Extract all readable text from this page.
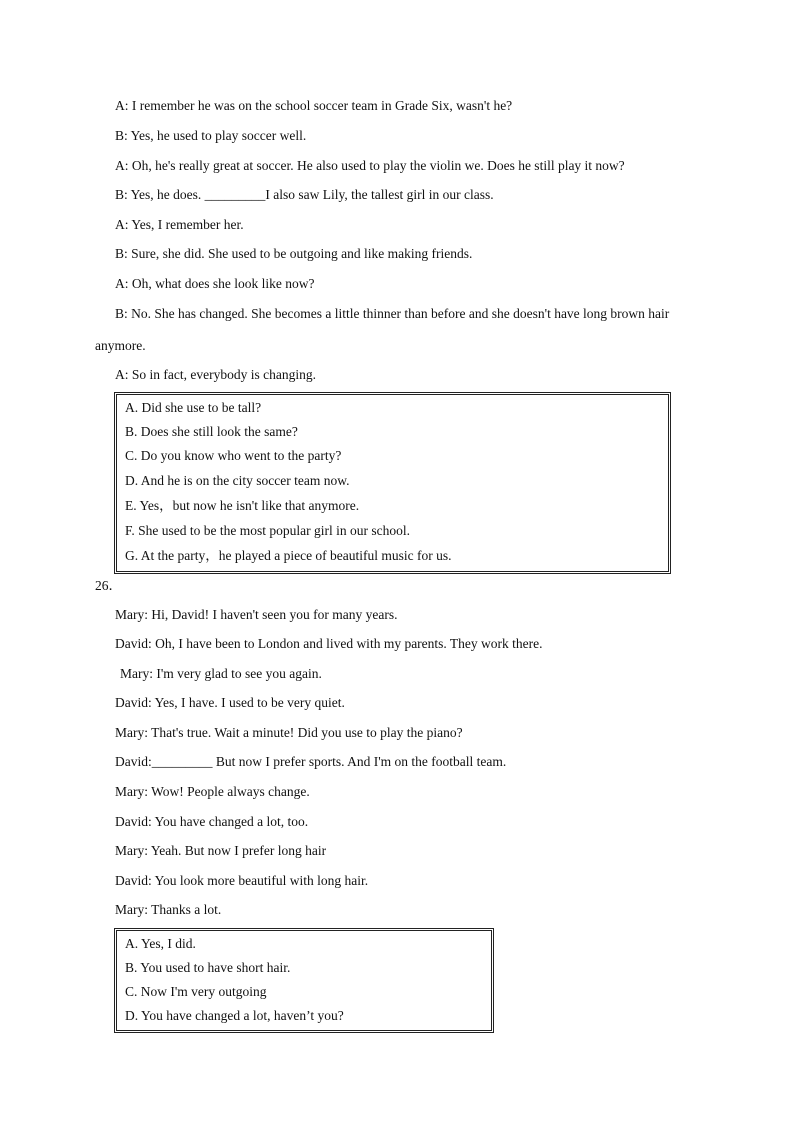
A: I remember he was on the school soccer team in Grade Six, wasn't he?
B: Yes, he used to play soccer well.
A: Oh, he's really great at soccer. He also used to play the violin we. Does he still play it now?
B: Yes, he does. _________I also saw Lily, the tallest girl in our class.
A: Yes, I remember her.
B: Sure, she did. She used to be outgoing and like making friends.
A: Oh, what does she look like now?
B: No. She has changed. She becomes a little thinner than before and she doesn't have long brown hair
anymore.
A: So in fact, everybody is changing.
A. Did she use to be tall?
B. Does she still look the same?
C. Do you know who went to the party?
D. And he is on the city soccer team now.
E. Yes，but now he isn't like that anymore.
F. She used to be the most popular girl in our school.
G. At the party，he played a piece of beautiful music for us.
26．
Mary: Hi, David! I haven't seen you for many years.
David: Oh, I have been to London and lived with my parents. They work there.
Mary: I'm very glad to see you again.
David: Yes, I have. I used to be very quiet.
Mary: That's true. Wait a minute! Did you use to play the piano?
David:_________ But now I prefer sports. And I'm on the football team.
Mary: Wow! People always change.
David: You have changed a lot, too.
Mary: Yeah. But now I prefer long hair
David: You look more beautiful with long hair.
Mary: Thanks a lot.
A. Yes, I did.
B. You used to have short hair.
C. Now I'm very outgoing
D. You have changed a lot, haven’t you?
